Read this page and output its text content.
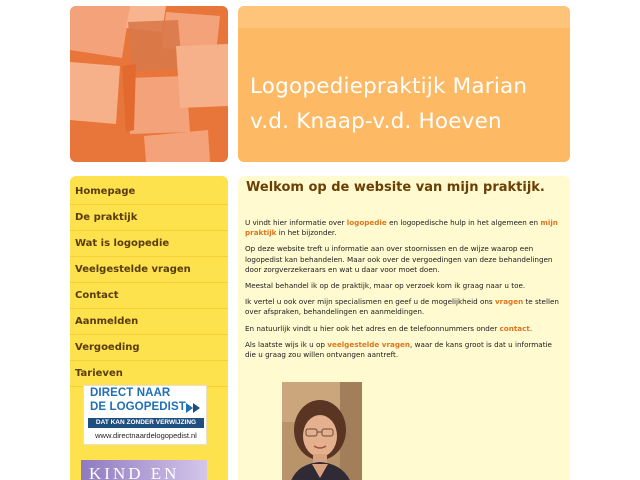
Logopediepraktijk Marian
v.d. Knaap-v.d. Hoeven
Homepage
De praktijk
Wat is logopedie
Veelgestelde vragen
Contact
Aanmelden
Vergoeding
Tarieven
DIRECT NAAR
DE LOGOPEDIST
DAT KAN ZONDER VERWIJZING
www.directnaardelogopedist.nl
KIND EN
Welkom op de website van mijn praktijk.

U vindt hier informatie over logopedie en logopedische hulp in het algemeen en mijn praktijk in het bijzonder.

Op deze website treft u informatie aan over stoornissen en de wijze waarop een logopedist kan behandelen. Maar ook over de vergoedingen van deze behandelingen door zorgverzekeraars en wat u daar voor moet doen.

Meestal behandel ik op de praktijk, maar op verzoek kom ik graag naar u toe.

Ik vertel u ook over mijn specialismen en geef u de mogelijkheid ons vragen te stellen over afspraken, behandelingen en aanmeldingen.

En natuurlijk vindt u hier ook het adres en de telefoonnummers onder contact.

Als laatste wijs ik u op veelgestelde vragen, waar de kans groot is dat u informatie die u graag zou willen ontvangen aantreft.
